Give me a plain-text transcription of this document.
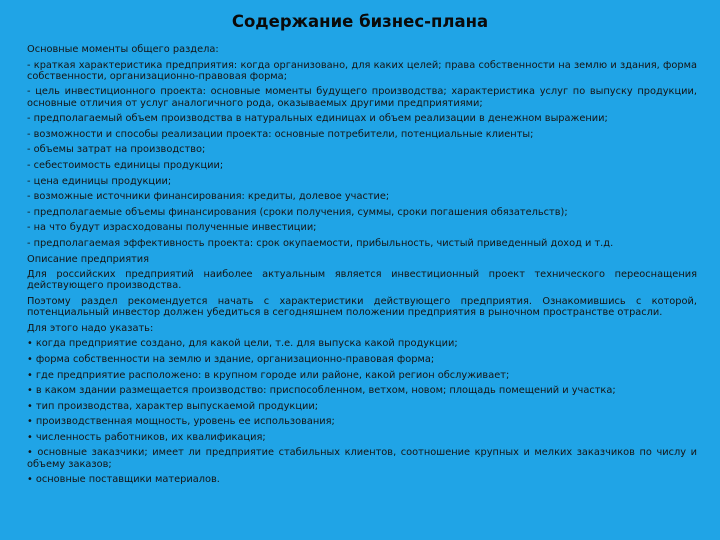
Содержание бизнес-плана

Основные моменты общего раздела:

- краткая характеристика предприятия: когда организовано, для каких целей; права собственности на землю и здания, форма собственности, организационно-правовая форма;

- цель инвестиционного проекта: основные моменты будущего производства; характеристика услуг по выпуску продукции, основные отличия от услуг аналогичного рода, оказываемых другими предприятиями;

- предполагаемый объем производства в натуральных единицах и объем реализации в денежном выражении;

- возможности и способы реализации проекта: основные потребители, потенциальные клиенты;

- объемы затрат на производство;

- себестоимость единицы продукции;

- цена единицы продукции;

- возможные источники финансирования: кредиты, долевое участие;

- предполагаемые объемы финансирования (сроки получения, суммы, сроки погашения обязательств);

- на что будут израсходованы полученные инвестиции;

- предполагаемая эффективность проекта: срок окупаемости, прибыльность, чистый приведенный доход и т.д.

Описание предприятия

Для российских предприятий наиболее актуальным является инвестиционный проект технического переоснащения действующего производства.

Поэтому раздел рекомендуется начать с характеристики действующего предприятия. Ознакомившись с которой, потенциальный инвестор должен убедиться в сегодняшнем положении предприятия в рыночном пространстве отрасли.

Для этого надо указать:

• когда предприятие создано, для какой цели, т.е. для выпуска какой продукции;

• форма собственности на землю и здание, организационно-правовая форма;

• где предприятие расположено: в крупном городе или районе, какой регион обслуживает;

• в каком здании размещается производство: приспособленном, ветхом, новом; площадь помещений и участка;

• тип производства, характер выпускаемой продукции;

• производственная мощность, уровень ее использования;

• численность работников, их квалификация;

• основные заказчики; имеет ли предприятие стабильных клиентов, соотношение крупных и мелких заказчиков по числу и объему заказов;

• основные поставщики материалов.
